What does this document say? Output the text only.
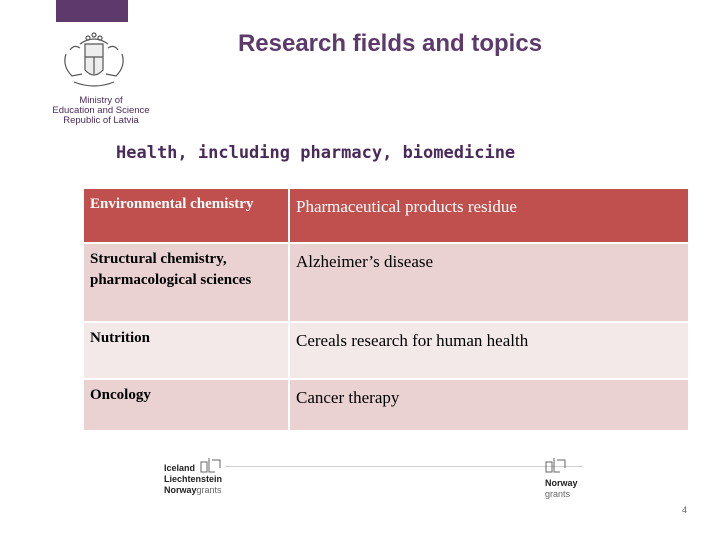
Ministry of
Education and Science
Republic of Latvia
Research fields and topics
Health, including pharmacy, biomedicine
Environmental chemistry	Pharmaceutical products residue
Structural chemistry, pharmacological sciences	Alzheimer’s disease
Nutrition	Cereals research for human health
Oncology	Cancer therapy
Iceland
Liechtenstein
Norwaygrants
Norway
grants
4
